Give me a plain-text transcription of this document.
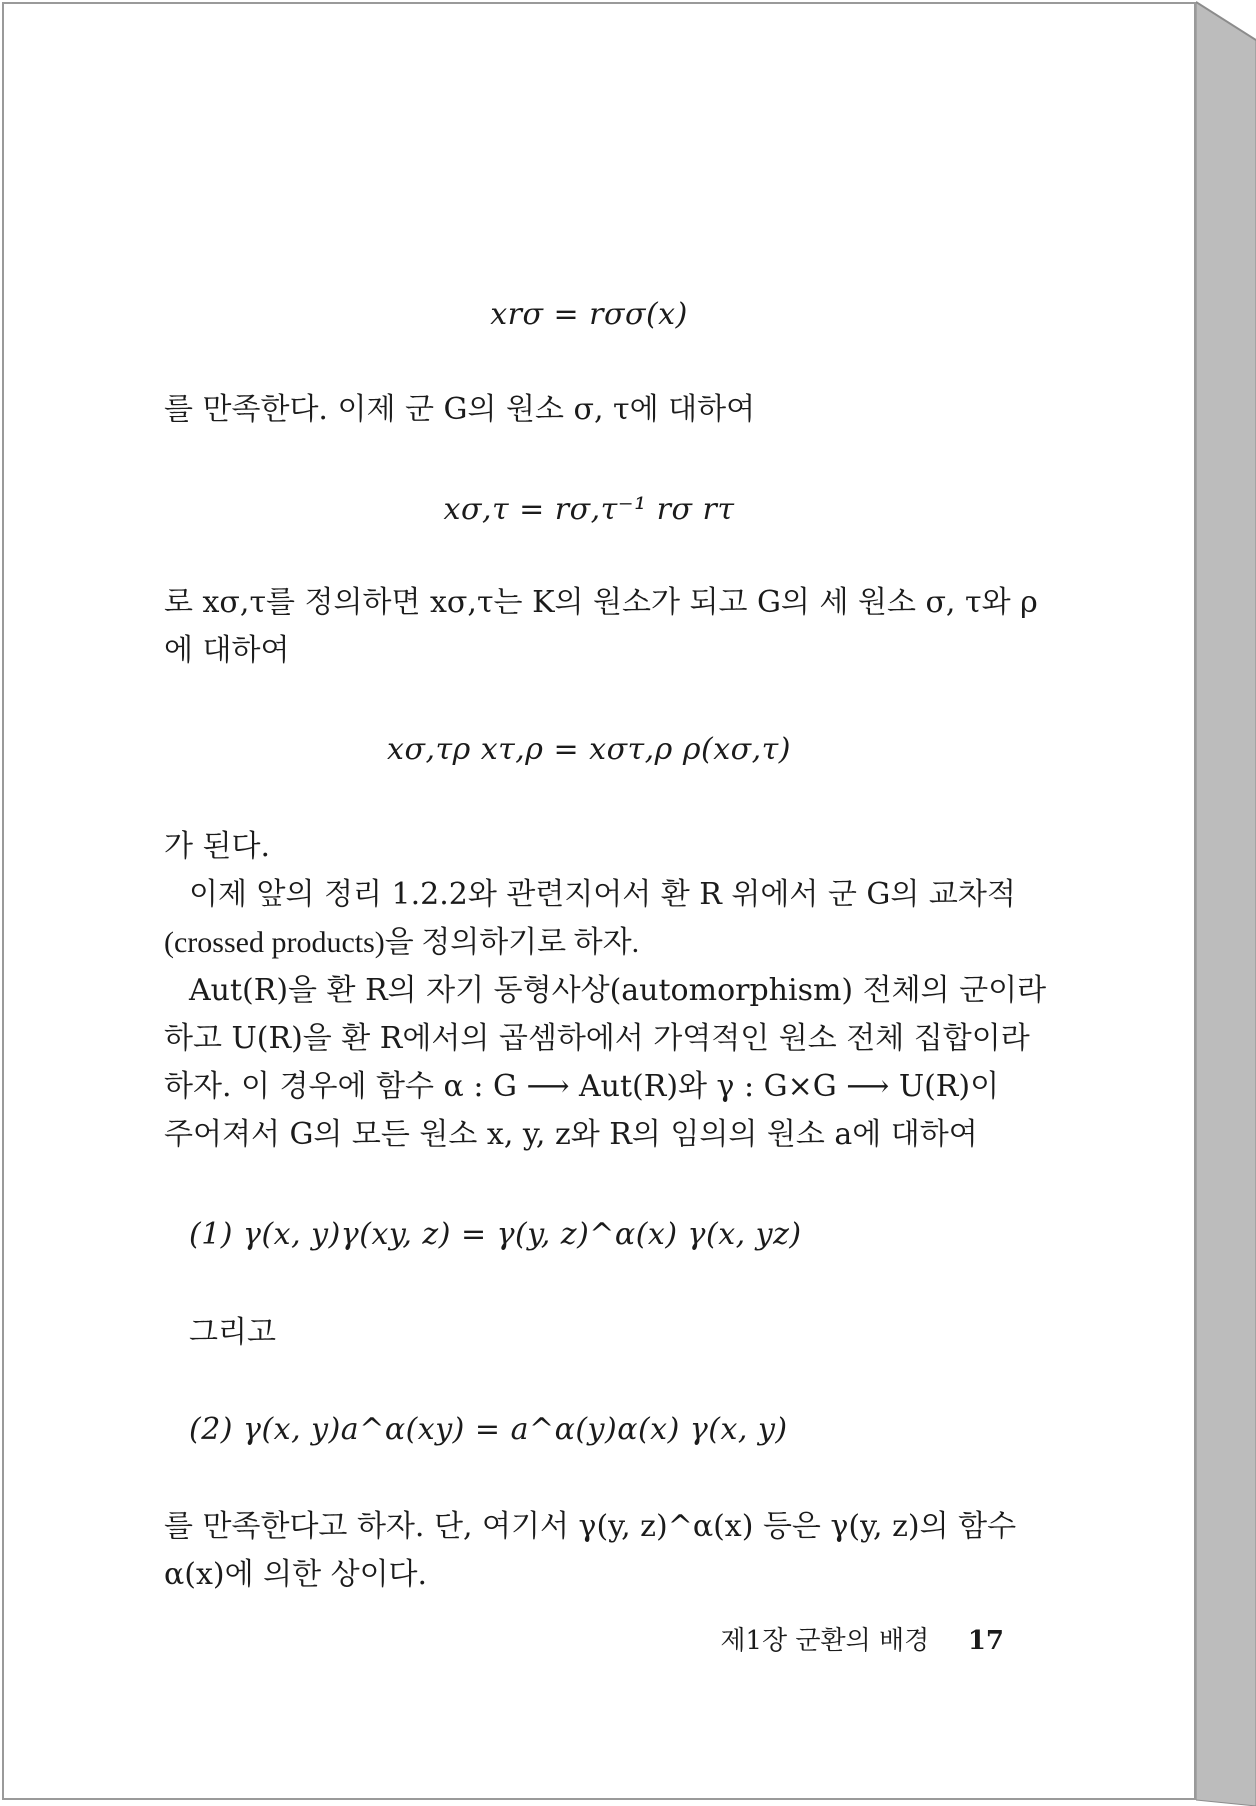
xrσ = rσσ(x)
를 만족한다. 이제 군 G의 원소 σ, τ에 대하여
xσ,τ = rσ,τ⁻¹ rσ rτ
로 xσ,τ를 정의하면 xσ,τ는 K의 원소가 되고 G의 세 원소 σ, τ와 ρ
에 대하여
xσ,τρ xτ,ρ = xστ,ρ ρ(xσ,τ)
가 된다.
이제 앞의 정리 1.2.2와 관련지어서 환 R 위에서 군 G의 교차적
(crossed products)을 정의하기로 하자.
Aut(R)을 환 R의 자기 동형사상(automorphism) 전체의 군이라
하고 U(R)을 환 R에서의 곱셈하에서 가역적인 원소 전체 집합이라
하자. 이 경우에 함수 α : G ⟶ Aut(R)와 γ : G×G ⟶ U(R)이
주어져서 G의 모든 원소 x, y, z와 R의 임의의 원소 a에 대하여
(1) γ(x, y)γ(xy, z) = γ(y, z)^α(x) γ(x, yz)
그리고
(2) γ(x, y)a^α(xy) = a^α(y)α(x) γ(x, y)
를 만족한다고 하자. 단, 여기서 γ(y, z)^α(x) 등은 γ(y, z)의 함수
α(x)에 의한 상이다.
제1장 군환의 배경 17
